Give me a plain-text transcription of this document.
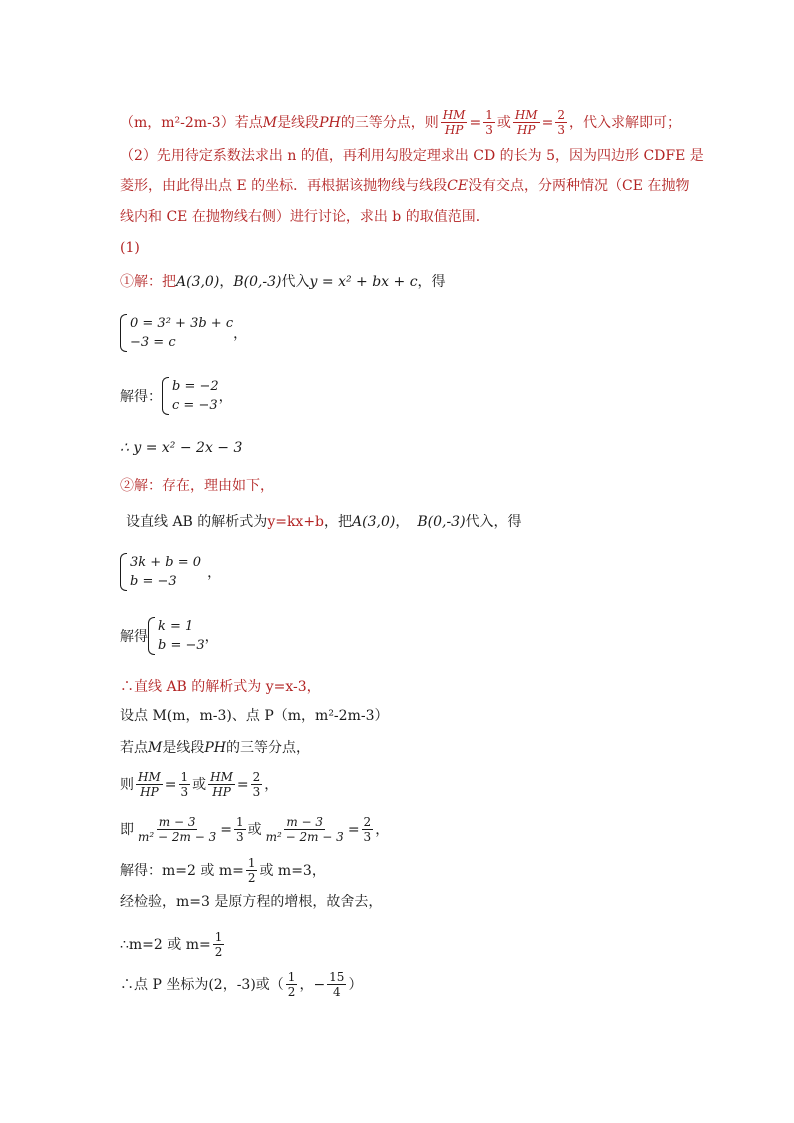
（m，m²-2m-3）若点 M 是线段 PH 的三等分点，则 $\frac{HM}{HP} = \frac{1}{3}$ 或 $\frac{HM}{HP} = \frac{2}{3}$ ，代入求解即可；
（2）先用待定系数法求出 n 的值，再利用勾股定理求出 CD 的长为 5，因为四边形 CDFE 是
菱形，由此得出点 E 的坐标．再根据该抛物线与线段 CE 没有交点，分两种情况（CE 在抛物
线内和 CE 在抛物线右侧）进行讨论，求出 b 的取值范围．
(1)
①解：把 A(3,0) ， B(0,-3) 代入 y = x² + bx + c ，得
0 = 3² + 3b + c
−3 = c
，
解得：
b = −2
c = −3
，
∴ y = x² − 2x − 3
②解：存在，理由如下，
设直线 AB 的解析式为 y=kx+b ，把 A(3,0) ， B(0,-3) 代入，得
3k + b = 0
b = −3
，
解得
k = 1
b = −3
，
∴直线 AB 的解析式为 y=x-3，
设点 M(m，m-3)、点 P（m，m²-2m-3）
若点 M 是线段 PH 的三等分点，
则 $\frac{HM}{HP} = \frac{1}{3}$ 或 $\frac{HM}{HP} = \frac{2}{3}$ ，
即 $\frac{m - 3}{\text{m² − 2m − 3}} = \frac{1}{3}$ 或 $\frac{m - 3}{\text{m² − 2m − 3}} = \frac{2}{3}$ ，
解得：m=2 或 $m= \frac{1}{2}$ 或 m=3，
经检验，m=3 是原方程的增根，故舍去，
∴m=2 或 $m= \frac{1}{2}$
∴点 P 坐标为(2，-3)或（ $\frac{1}{2}$ ， − $\frac{15}{4}$ ）
